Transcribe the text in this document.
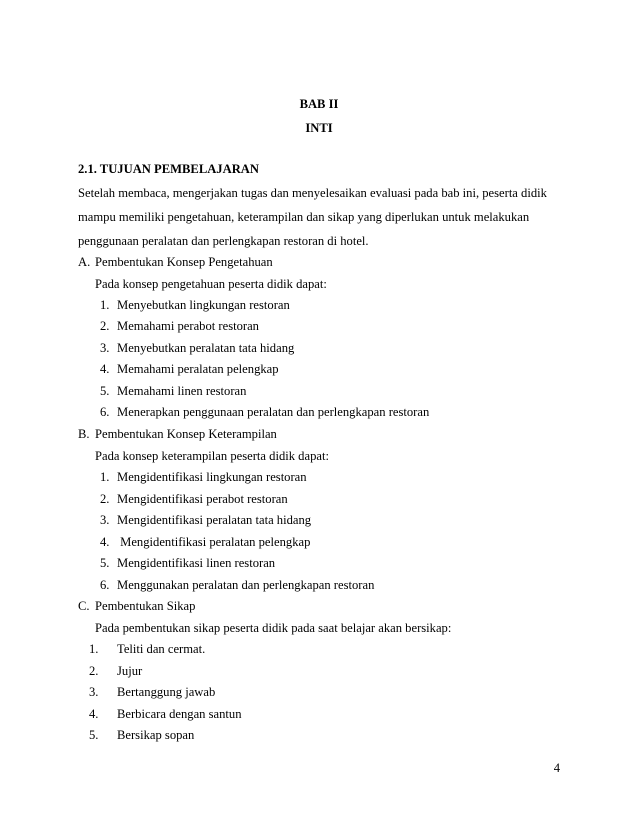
BAB II
INTI
2.1. TUJUAN PEMBELAJARAN
Setelah membaca, mengerjakan tugas dan menyelesaikan evaluasi pada bab ini, peserta didik
mampu memiliki pengetahuan, keterampilan dan sikap yang diperlukan untuk melakukan
penggunaan peralatan dan perlengkapan restoran di hotel.
A. Pembentukan Konsep Pengetahuan
Pada konsep pengetahuan peserta didik dapat:
1. Menyebutkan lingkungan restoran
2. Memahami perabot restoran
3. Menyebutkan peralatan tata hidang
4. Memahami peralatan pelengkap
5. Memahami linen restoran
6. Menerapkan penggunaan peralatan dan perlengkapan restoran
B. Pembentukan Konsep Keterampilan
Pada konsep keterampilan peserta didik dapat:
1. Mengidentifikasi lingkungan restoran
2. Mengidentifikasi perabot restoran
3. Mengidentifikasi peralatan tata hidang
4. Mengidentifikasi peralatan pelengkap
5. Mengidentifikasi linen restoran
6. Menggunakan peralatan dan perlengkapan restoran
C. Pembentukan Sikap
Pada pembentukan sikap peserta didik pada saat belajar akan bersikap:
1. Teliti dan cermat.
2. Jujur
3. Bertanggung jawab
4. Berbicara dengan santun
5. Bersikap sopan
4
